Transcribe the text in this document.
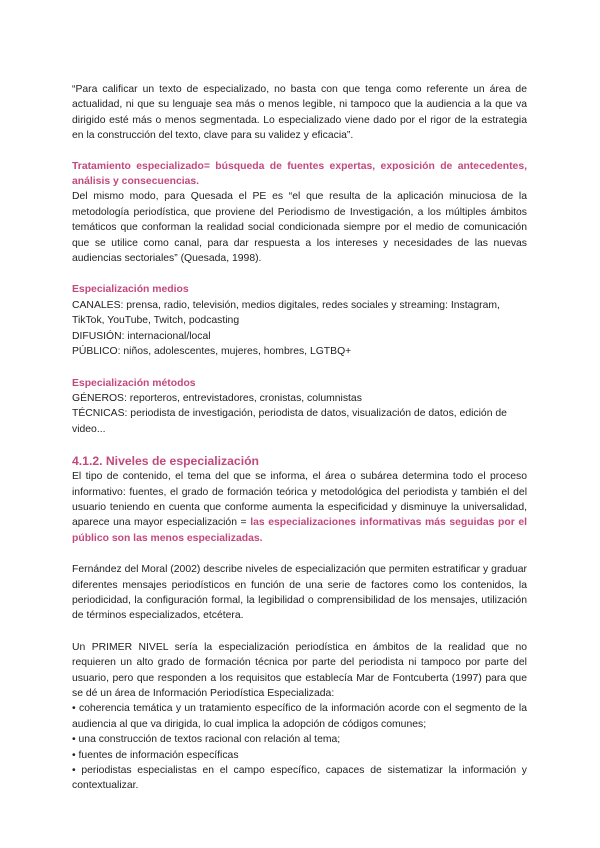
“Para calificar un texto de especializado, no basta con que tenga como referente un área de actualidad, ni que su lenguaje sea más o menos legible, ni tampoco que la audiencia a la que va dirigido esté más o menos segmentada. Lo especializado viene dado por el rigor de la estrategia en la construcción del texto, clave para su validez y eficacia”.

Tratamiento especializado= búsqueda de fuentes expertas, exposición de antecedentes, análisis y consecuencias.

Del mismo modo, para Quesada el PE es “el que resulta de la aplicación minuciosa de la metodología periodística, que proviene del Periodismo de Investigación, a los múltiples ámbitos temáticos que conforman la realidad social condicionada siempre por el medio de comunicación que se utilice como canal, para dar respuesta a los intereses y necesidades de las nuevas audiencias sectoriales” (Quesada, 1998).

Especialización medios

CANALES: prensa, radio, televisión, medios digitales, redes sociales y streaming: Instagram, TikTok, YouTube, Twitch, podcasting

DIFUSIÓN: internacional/local

PÚBLICO: niños, adolescentes, mujeres, hombres, LGTBQ+

Especialización métodos

GÉNEROS: reporteros, entrevistadores, cronistas, columnistas

TÉCNICAS: periodista de investigación, periodista de datos, visualización de datos, edición de video...

4.1.2. Niveles de especialización

El tipo de contenido, el tema del que se informa, el área o subárea determina todo el proceso informativo: fuentes, el grado de formación teórica y metodológica del periodista y también el del usuario teniendo en cuenta que conforme aumenta la especificidad y disminuye la universalidad, aparece una mayor especialización = las especializaciones informativas más seguidas por el público son las menos especializadas.

Fernández del Moral (2002) describe niveles de especialización que permiten estratificar y graduar diferentes mensajes periodísticos en función de una serie de factores como los contenidos, la periodicidad, la configuración formal, la legibilidad o comprensibilidad de los mensajes, utilización de términos especializados, etcétera.

Un PRIMER NIVEL sería la especialización periodística en ámbitos de la realidad que no requieren un alto grado de formación técnica por parte del periodista ni tampoco por parte del usuario, pero que responden a los requisitos que establecía Mar de Fontcuberta (1997) para que se dé un área de Información Periodística Especializada:

• coherencia temática y un tratamiento específico de la información acorde con el segmento de la audiencia al que va dirigida, lo cual implica la adopción de códigos comunes;
• una construcción de textos racional con relación al tema;
• fuentes de información específicas
• periodistas especialistas en el campo específico, capaces de sistematizar la información y contextualizar.
